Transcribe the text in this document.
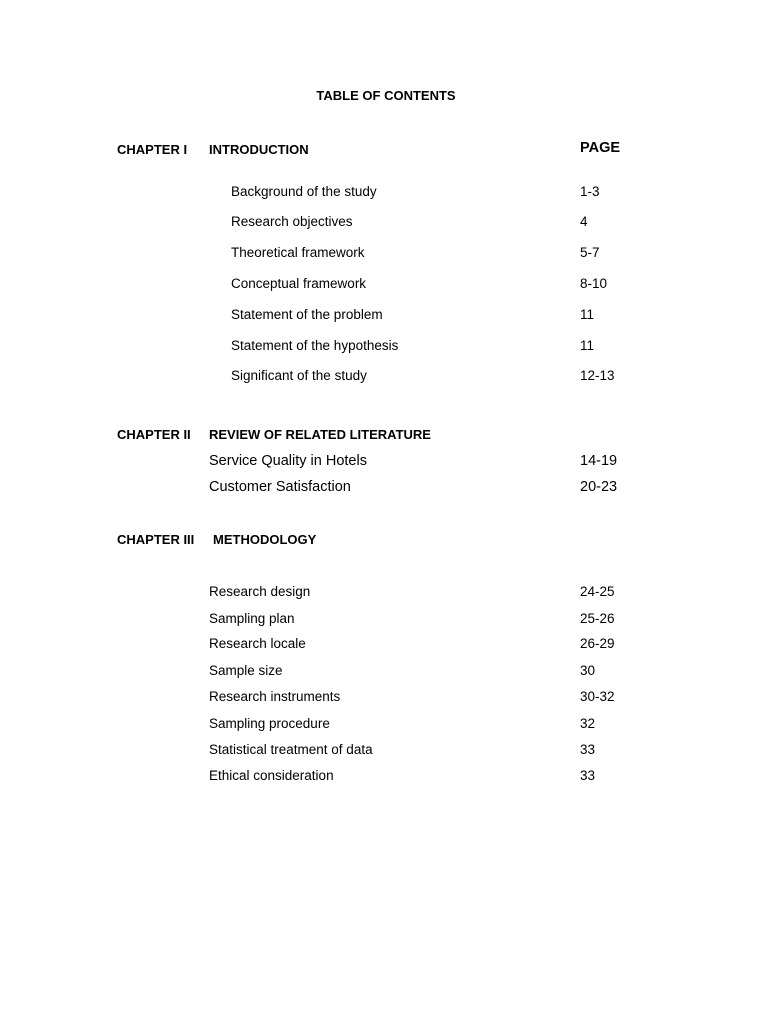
TABLE OF CONTENTS
CHAPTER I INTRODUCTION	PAGE
Background of the study	1-3
Research objectives	4
Theoretical framework	5-7
Conceptual framework	8-10
Statement of the problem	11
Statement of the hypothesis	11
Significant of the study	12-13
CHAPTER II REVIEW OF RELATED LITERATURE
Service Quality in Hotels	14-19
Customer Satisfaction	20-23
CHAPTER III METHODOLOGY
Research design	24-25
Sampling plan	25-26
Research locale	26-29
Sample size	30
Research instruments	30-32
Sampling procedure	32
Statistical treatment of data	33
Ethical consideration	33
